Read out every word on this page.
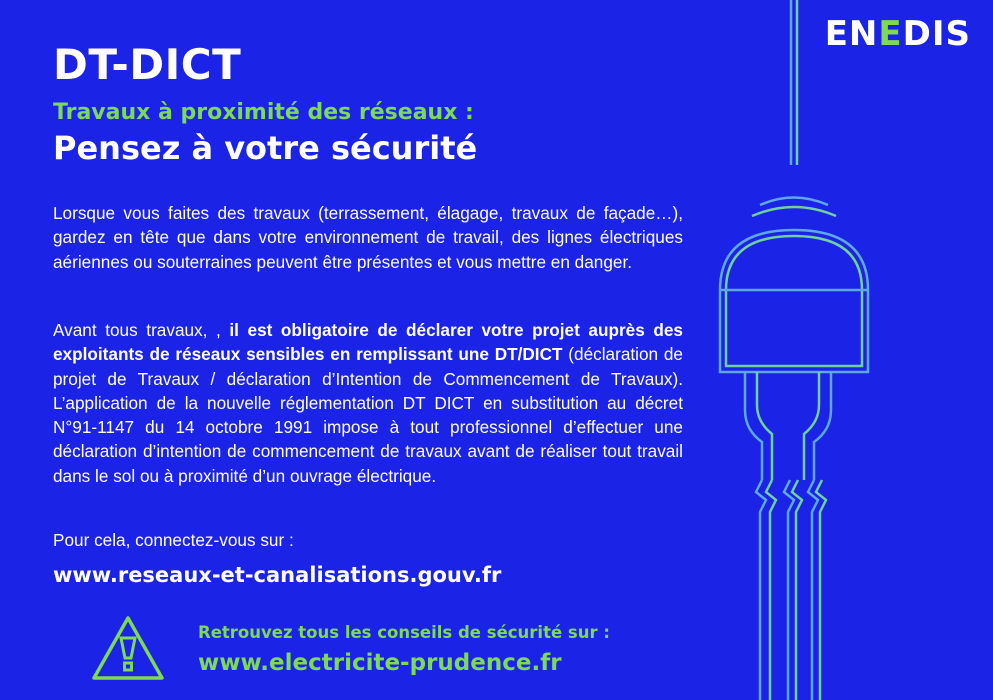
ENEDIS
DT-DICT
Travaux à proximité des réseaux :
Pensez à votre sécurité

Lorsque vous faites des travaux (terrassement, élagage, travaux de façade…), gardez en tête que dans votre environnement de travail, des lignes électriques aériennes ou souterraines peuvent être présentes et vous mettre en danger.

Avant tous travaux, , il est obligatoire de déclarer votre projet auprès des exploitants de réseaux sensibles en remplissant une DT/DICT (déclaration de projet de Travaux / déclaration d’Intention de Commencement de Travaux). L’application de la nouvelle réglementation DT DICT en substitution au décret N°91-1147 du 14 octobre 1991 impose à tout professionnel d’effectuer une déclaration d’intention de commencement de travaux avant de réaliser tout travail dans le sol ou à proximité d’un ouvrage électrique.

Pour cela, connectez-vous sur :

www.reseaux-et-canalisations.gouv.fr
Retrouvez tous les conseils de sécurité sur :
www.electricite-prudence.fr
